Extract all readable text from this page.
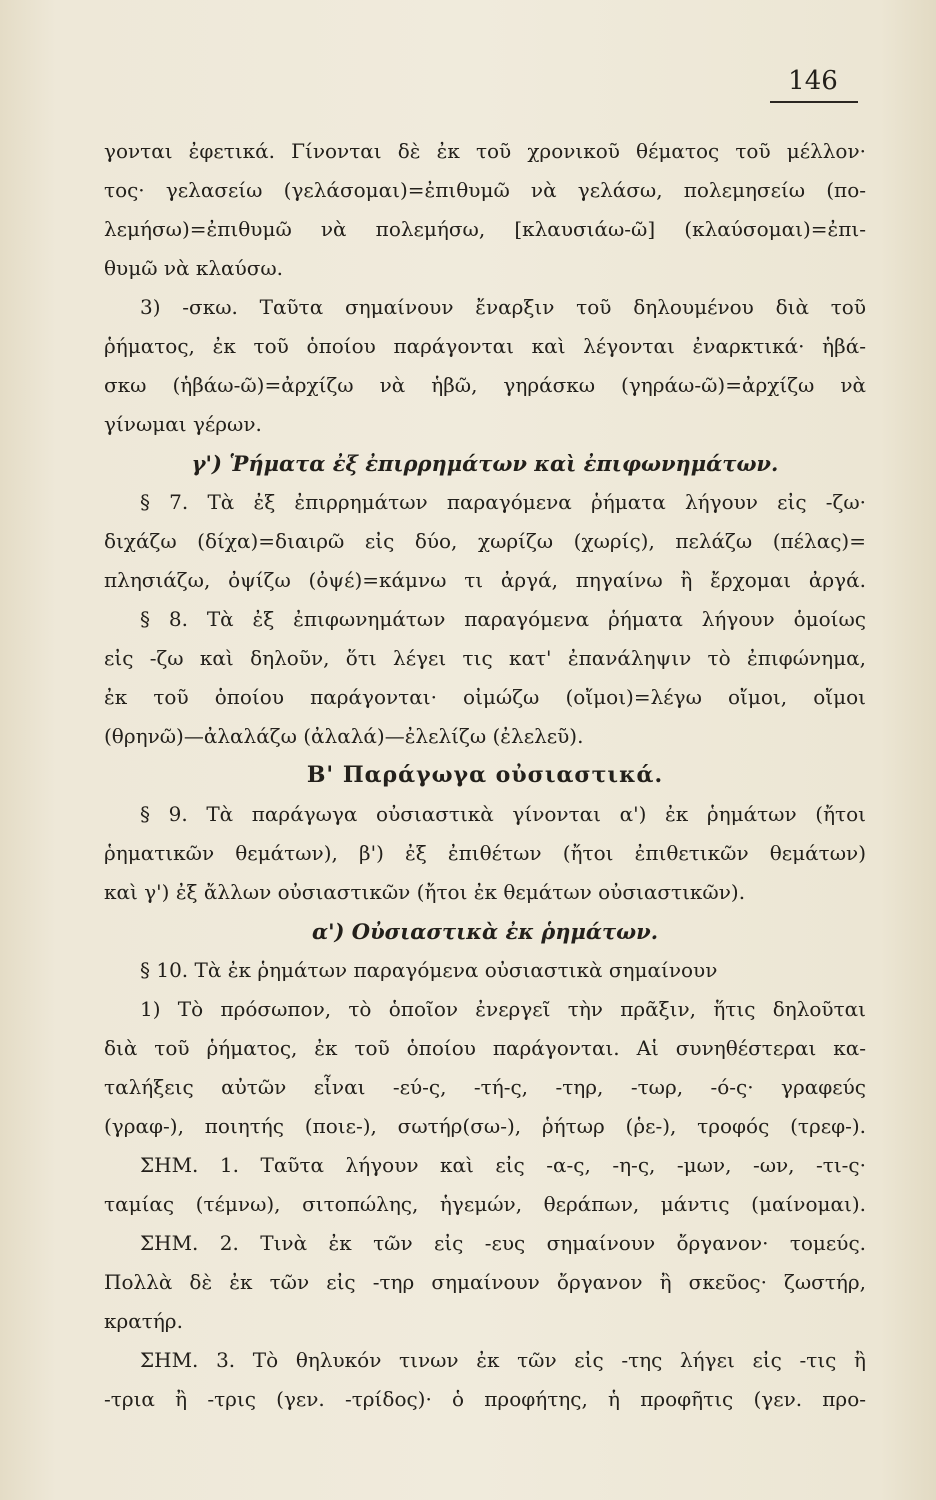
146
γονται ἐφετικά. Γίνονται δὲ ἐκ τοῦ χρονικοῦ θέματος τοῦ μέλλον·
τος· γελασείω (γελάσομαι)=ἐπιθυμῶ νὰ γελάσω, πολεμησείω (πο-
λεμήσω)=ἐπιθυμῶ νὰ πολεμήσω, [κλαυσιάω-ῶ] (κλαύσομαι)=ἐπι-
θυμῶ νὰ κλαύσω.
3) -σκω. Ταῦτα σημαίνουν ἔναρξιν τοῦ δηλουμένου διὰ τοῦ
ῥήματος, ἐκ τοῦ ὁποίου παράγονται καὶ λέγονται ἐναρκτικά· ἡβά-
σκω (ἡβάω-ῶ)=ἀρχίζω νὰ ἡβῶ, γηράσκω (γηράω-ῶ)=ἀρχίζω νὰ
γίνωμαι γέρων.
γ') Ῥήματα ἐξ ἐπιρρημάτων καὶ ἐπιφωνημάτων.
§ 7. Τὰ ἐξ ἐπιρρημάτων παραγόμενα ῥήματα λήγουν εἰς -ζω·
διχάζω (δίχα)=διαιρῶ εἰς δύο, χωρίζω (χωρίς), πελάζω (πέλας)=
πλησιάζω, ὀψίζω (ὀψέ)=κάμνω τι ἀργά, πηγαίνω ἢ ἔρχομαι ἀργά.
§ 8. Τὰ ἐξ ἐπιφωνημάτων παραγόμενα ῥήματα λήγουν ὁμοίως
εἰς -ζω καὶ δηλοῦν, ὅτι λέγει τις κατ' ἐπανάληψιν τὸ ἐπιφώνημα,
ἐκ τοῦ ὁποίου παράγονται· οἰμώζω (οἴμοι)=λέγω οἴμοι, οἴμοι
(θρηνῶ)—ἀλαλάζω (ἀλαλά)—ἐλελίζω (ἐλελεῦ).
Β' Παράγωγα οὐσιαστικά.
§ 9. Τὰ παράγωγα οὐσιαστικὰ γίνονται α') ἐκ ῥημάτων (ἤτοι
ῥηματικῶν θεμάτων), β') ἐξ ἐπιθέτων (ἤτοι ἐπιθετικῶν θεμάτων)
καὶ γ') ἐξ ἄλλων οὐσιαστικῶν (ἤτοι ἐκ θεμάτων οὐσιαστικῶν).
α') Οὐσιαστικὰ ἐκ ῥημάτων.
§ 10. Τὰ ἐκ ῥημάτων παραγόμενα οὐσιαστικὰ σημαίνουν
1) Τὸ πρόσωπον, τὸ ὁποῖον ἐνεργεῖ τὴν πρᾶξιν, ἥτις δηλοῦται
διὰ τοῦ ῥήματος, ἐκ τοῦ ὁποίου παράγονται. Αἱ συνηθέστεραι κα-
ταλήξεις αὐτῶν εἶναι -εύ-ς, -τή-ς, -τηρ, -τωρ, -ό-ς· γραφεύς
(γραφ-), ποιητής (ποιε-), σωτήρ(σω-), ῥήτωρ (ῥε-), τροφός (τρεφ-).
ΣΗΜ. 1. Ταῦτα λήγουν καὶ εἰς -α-ς, -η-ς, -μων, -ων, -τι-ς·
ταμίας (τέμνω), σιτοπώλης, ἡγεμών, θεράπων, μάντις (μαίνομαι).
ΣΗΜ. 2. Τινὰ ἐκ τῶν εἰς -ευς σημαίνουν ὄργανον· τομεύς.
Πολλὰ δὲ ἐκ τῶν εἰς -τηρ σημαίνουν ὄργανον ἢ σκεῦος· ζωστήρ,
κρατήρ.
ΣΗΜ. 3. Τὸ θηλυκόν τινων ἐκ τῶν εἰς -της λήγει εἰς -τις ἢ
-τρια ἢ -τρις (γεν. -τρίδος)· ὁ προφήτης, ἡ προφῆτις (γεν. προ-
